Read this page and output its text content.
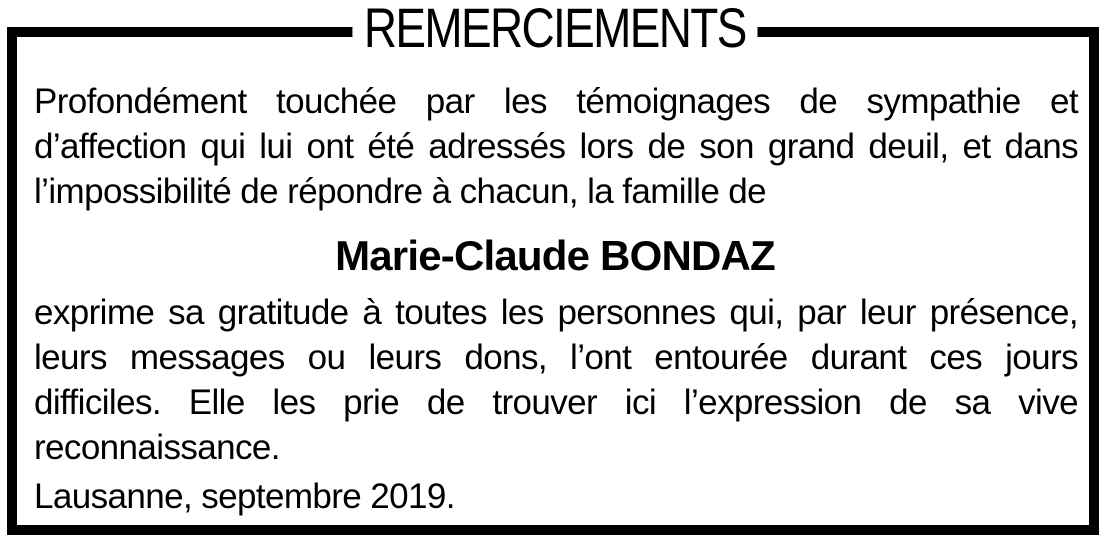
REMERCIEMENTS

Profondément touchée par les témoignages de sympathie et d’affection qui lui ont été adressés lors de son grand deuil, et dans l’impossibilité de répondre à chacun, la famille de

Marie-Claude BONDAZ

exprime sa gratitude à toutes les personnes qui, par leur présence, leurs messages ou leurs dons, l’ont entourée durant ces jours difficiles. Elle les prie de trouver ici l’expression de sa vive reconnaissance.

Lausanne, septembre 2019.
